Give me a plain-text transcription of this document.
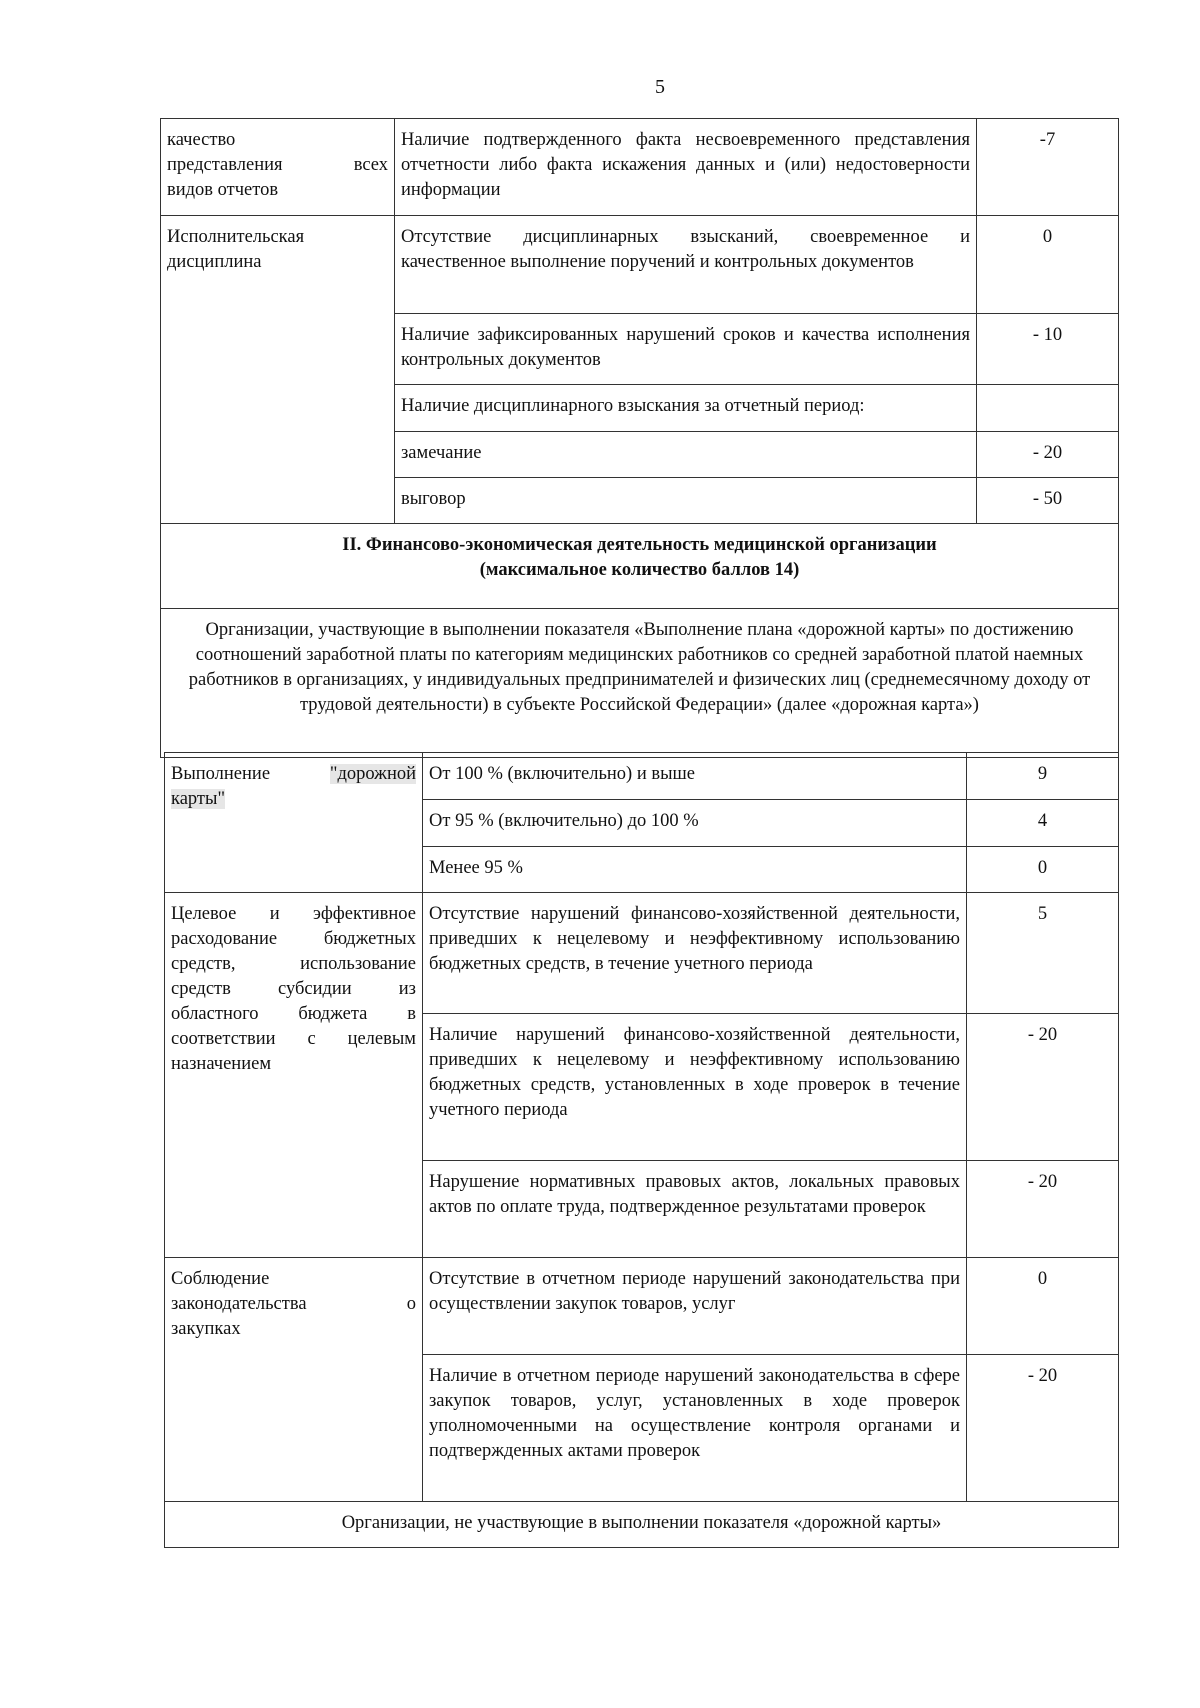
5
качество
представления всех
видов отчетов	Наличие подтвержденного факта несвоевременного представления отчетности либо факта искажения данных и (или) недостоверности информации	-7

Исполнительская
дисциплина	Отсутствие дисциплинарных взысканий, своевременное и качественное выполнение поручений и контрольных документов	0
	Наличие зафиксированных нарушений сроков и качества исполнения контрольных документов	- 10
	Наличие дисциплинарного взыскания за отчетный период:	
	замечание	- 20
	выговор	- 50

II. Финансово-экономическая деятельность медицинской организации
(максимальное количество баллов 14)		

Организации, участвующие в выполнении показателя «Выполнение плана «дорожной карты» по достижению соотношений заработной платы по категориям медицинских работников со средней заработной платой наемных работников в организациях, у индивидуальных предпринимателей и физических лиц (среднемесячному доходу от трудовой деятельности) в субъекте Российской Федерации» (далее «дорожная карта»)		
Выполнение "дорожной
карты"	От 100 % (включительно) и выше	9
	От 95 % (включительно) до 100 %	4
	Менее 95 %	0
Целевое и эффективное расходование бюджетных средств, использование средств субсидии из областного бюджета в соответствии с целевым назначением	Отсутствие нарушений финансово-хозяйственной деятельности, приведших к нецелевому и неэффективному использованию бюджетных средств, в течение учетного периода	5
	Наличие нарушений финансово-хозяйственной деятельности, приведших к нецелевому и неэффективному использованию бюджетных средств, установленных в ходе проверок в течение учетного периода	- 20
	Нарушение нормативных правовых актов, локальных правовых актов по оплате труда, подтвержденное результатами проверок	- 20

Соблюдение
законодательства о
закупках	Отсутствие в отчетном периоде нарушений законодательства при осуществлении закупок товаров, услуг	0
	Наличие в отчетном периоде нарушений законодательства в сфере закупок товаров, услуг, установленных в ходе проверок уполномоченными на осуществление контроля органами и подтвержденных актами проверок	- 20
Организации, не участвующие в выполнении показателя «дорожной карты»		
